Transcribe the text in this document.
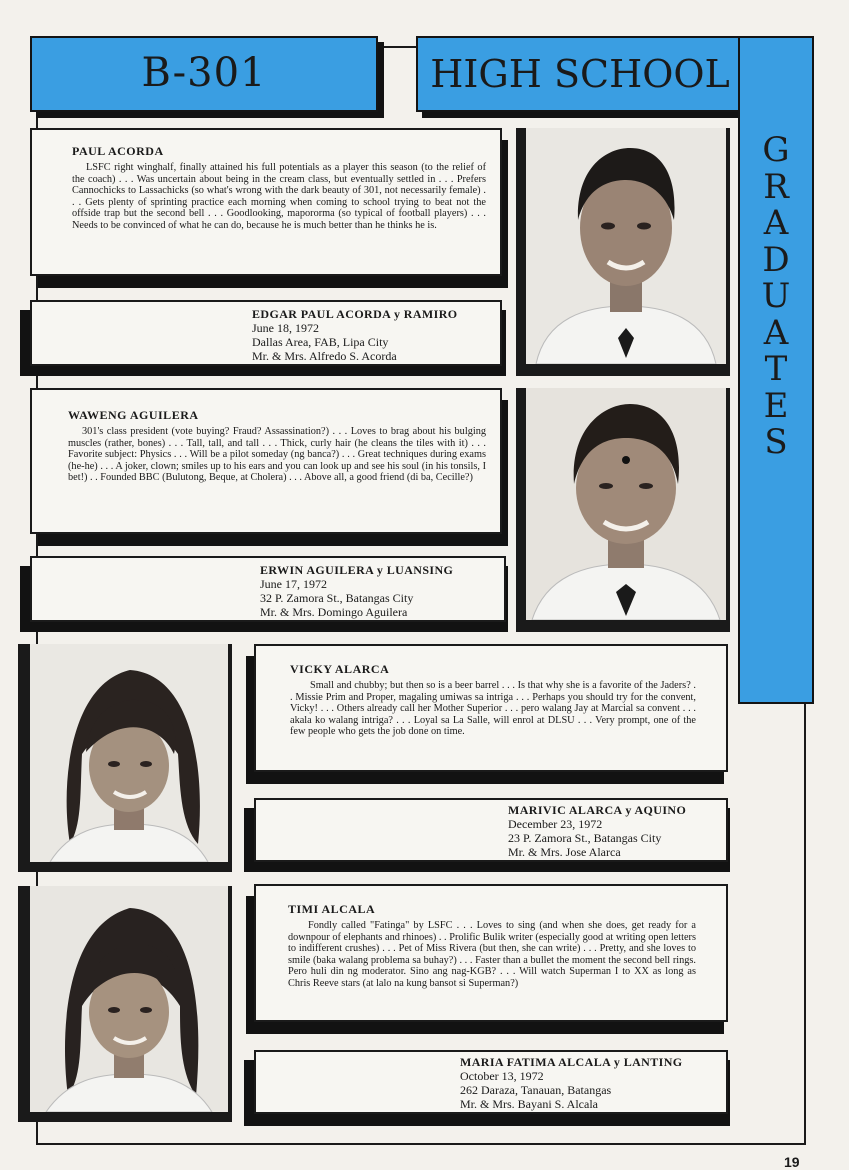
B-301	HIGH SCHOOL
G
R
A
D
U
A
T
E
S
PAUL ACORDA
LSFC right winghalf, finally attained his full potentials as a player this season (to the relief of the coach) . . . Was uncertain about being in the cream class, but eventually settled in . . . Prefers Cannochicks to Lassachicks (so what's wrong with the dark beauty of 301, not necessarily female) . . . Gets plenty of sprinting practice each morning when coming to school trying to beat not the offside trap but the second bell . . . Goodlooking, mapororma (so typical of football players) . . . Needs to be convinced of what he can do, because he is much better than he thinks he is.
EDGAR PAUL ACORDA y RAMIRO
June 18, 1972
Dallas Area, FAB, Lipa City
Mr. & Mrs. Alfredo S. Acorda
WAWENG AGUILERA
301's class president (vote buying? Fraud? Assassination?) . . . Loves to brag about his bulging muscles (rather, bones) . . . Tall, tall, and tall . . . Thick, curly hair (he cleans the tiles with it) . . . Favorite subject: Physics . . . Will be a pilot someday (ng banca?) . . . Great techniques during exams (he-he) . . . A joker, clown; smiles up to his ears and you can look up and see his soul (in his tonsils, I bet!) . . Founded BBC (Bulutong, Beque, at Cholera) . . . Above all, a good friend (di ba, Cecille?)
ERWIN AGUILERA y LUANSING
June 17, 1972
32 P. Zamora St., Batangas City
Mr. & Mrs. Domingo Aguilera
VICKY ALARCA
Small and chubby; but then so is a beer barrel . . . Is that why she is a favorite of the Jaders? . . Missie Prim and Proper, magaling umiwas sa intriga . . . Perhaps you should try for the convent, Vicky! . . . Others already call her Mother Superior . . . pero walang Jay at Marcial sa convent . . . akala ko walang intriga? . . . Loyal sa La Salle, will enrol at DLSU . . . Very prompt, one of the few people who gets the job done on time.
MARIVIC ALARCA y AQUINO
December 23, 1972
23 P. Zamora St., Batangas City
Mr. & Mrs. Jose Alarca
TIMI ALCALA
Fondly called "Fatinga" by LSFC . . . Loves to sing (and when she does, get ready for a downpour of elephants and rhinoes) . . Prolific Bulik writer (especially good at writing open letters to indifferent crushes) . . . Pet of Miss Rivera (but then, she can write) . . . Pretty, and she loves to smile (baka walang problema sa buhay?) . . . Faster than a bullet the moment the second bell rings. Pero huli din ng moderator. Sino ang nag-KGB? . . . Will watch Superman I to XX as long as Chris Reeve stars (at lalo na kung bansot si Superman?)
MARIA FATIMA ALCALA y LANTING
October 13, 1972
262 Daraza, Tanauan, Batangas
Mr. & Mrs. Bayani S. Alcala
19
